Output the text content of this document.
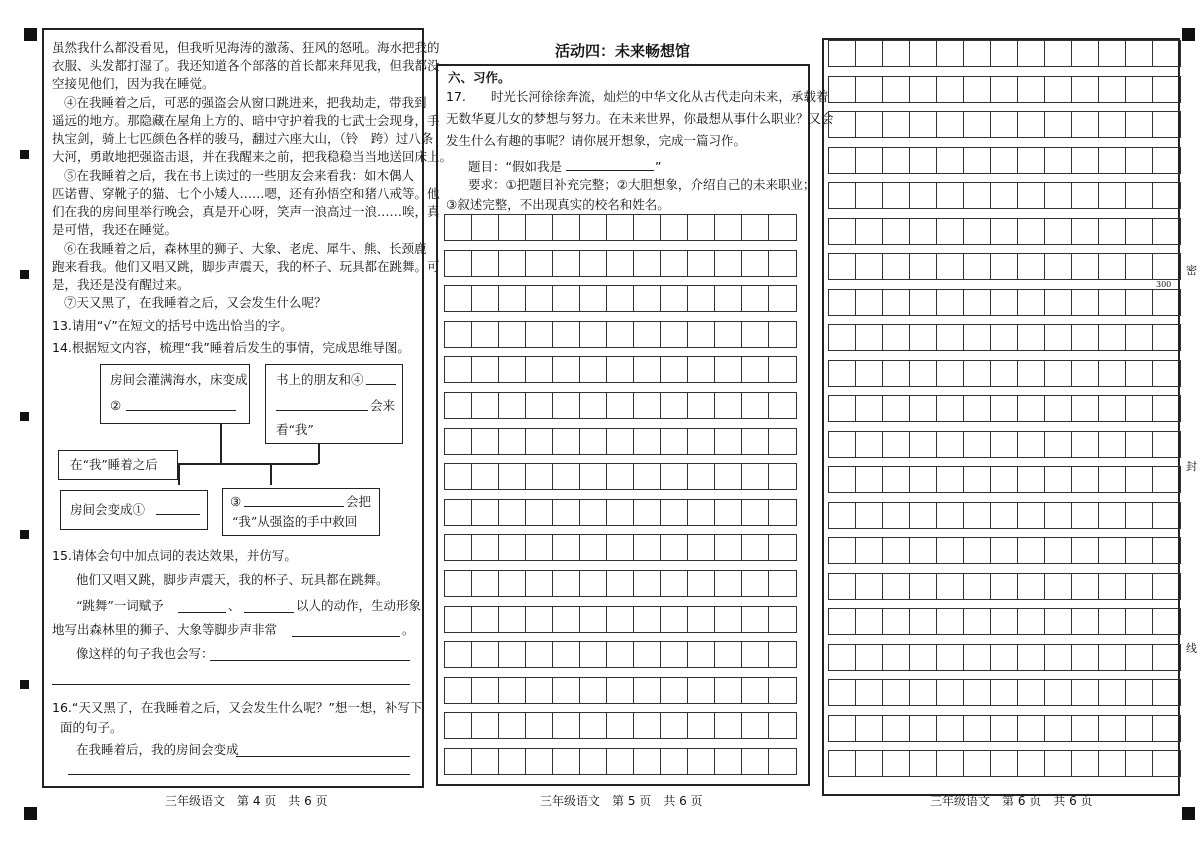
虽然我什么都没看见，但我听见海涛的激荡、狂风的怒吼。海水把我的
衣服、头发都打湿了。我还知道各个部落的首长都来拜见我，但我都没
空接见他们，因为我在睡觉。
④在我睡着之后，可恶的强盗会从窗口跳进来，把我劫走，带我到
遥远的地方。那隐藏在屋角上方的、暗中守护着我的七武士会现身，手
执宝剑，骑上七匹颜色各样的骏马，翻过六座大山，（铃　跨）过八条
大河，勇敢地把强盗击退，并在我醒来之前，把我稳稳当当地送回床上。
⑤在我睡着之后，我在书上读过的一些朋友会来看我：如木偶人
匹诺曹、穿靴子的猫、七个小矮人……嗯，还有孙悟空和猪八戒等。他
们在我的房间里举行晚会，真是开心呀，笑声一浪高过一浪……唉，真
是可惜，我还在睡觉。
⑥在我睡着之后，森林里的狮子、大象、老虎、犀牛、熊、长颈鹿
跑来看我。他们又唱又跳，脚步声震天，我的杯子、玩具都在跳舞。可
是，我还是没有醒过来。
⑦天又黑了，在我睡着之后，又会发生什么呢？
13.请用“√”在短文的括号中选出恰当的字。
14.根据短文内容，梳理“我”睡着后发生的事情，完成思维导图。
房间会灌满海水，床变成
②
书上的朋友和④
会来
看“我”
在“我”睡着之后
房间会变成①
③	会把
“我”从强盗的手中救回
15.请体会句中加点词的表达效果，并仿写。
他们又唱又跳，脚步声震天，我的杯子、玩具都在跳舞。
“跳舞”一词赋予	、	以人的动作，生动形象
地写出森林里的狮子、大象等脚步声非常	。
像这样的句子我也会写：
16.“天又黑了，在我睡着之后，又会发生什么呢？”想一想，补写下
面的句子。
在我睡着后，我的房间会变成
三年级语文　第 4 页　共 6 页
活动四：未来畅想馆
六、习作。
17.　　时光长河徐徐奔流，灿烂的中华文化从古代走向未来，承载着
无数华夏儿女的梦想与努力。在未来世界，你最想从事什么职业？又会
发生什么有趣的事呢？请你展开想象，完成一篇习作。
题目：“假如我是	”
要求：①把题目补充完整；②大胆想象，介绍自己的未来职业；
③叙述完整，不出现真实的校名和姓名。
三年级语文　第 5 页　共 6 页
300
密
封
线
三年级语文　第 6 页　共 6 页
